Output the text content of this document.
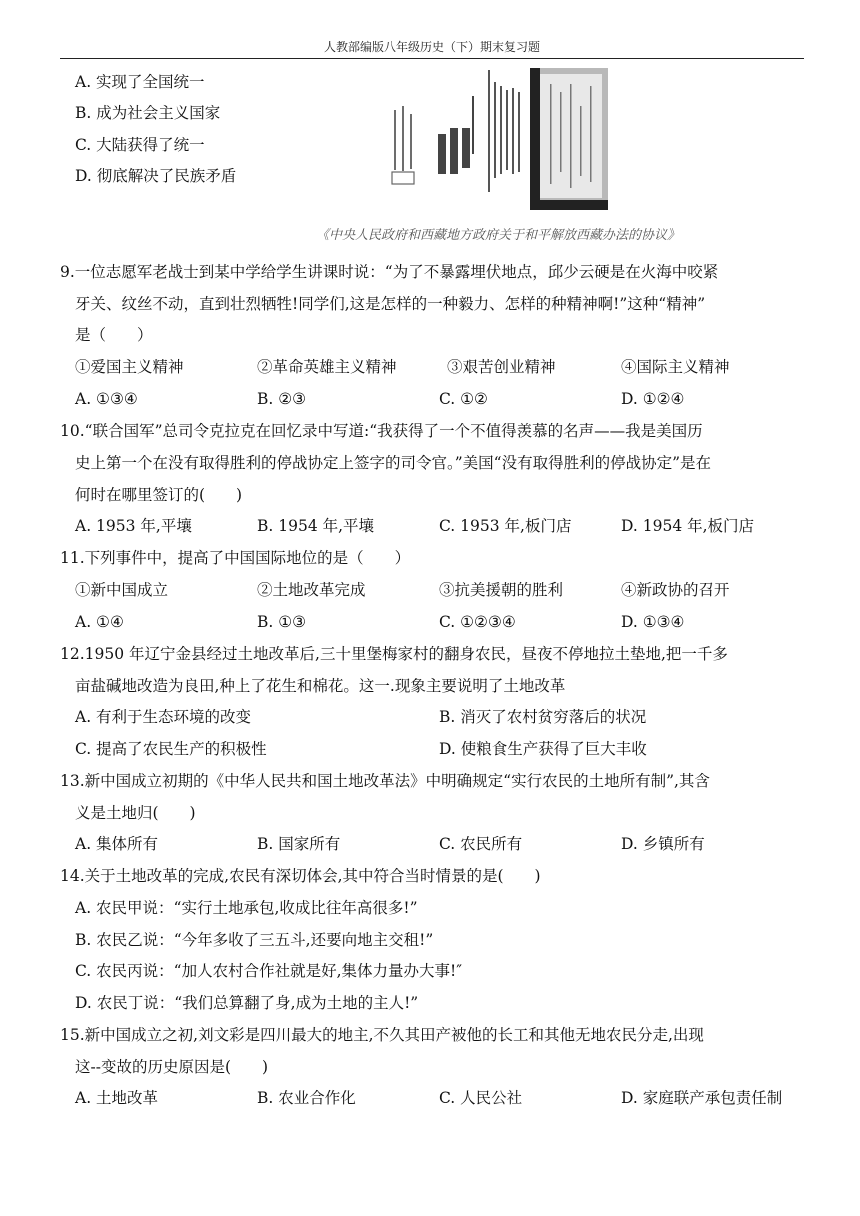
人教部编版八年级历史（下）期末复习题
A. 实现了全国统一
B. 成为社会主义国家
C. 大陆获得了统一
D. 彻底解决了民族矛盾
《中央人民政府和西藏地方政府关于和平解放西藏办法的协议》
9.一位志愿军老战士到某中学给学生讲课时说：“为了不暴露埋伏地点，邱少云硬是在火海中咬紧
牙关、纹丝不动，直到壮烈牺牲!同学们,这是怎样的一种毅力、怎样的种精神啊!”这种“精神”
是（　　）
①爱国主义精神	②革命英雄主义精神	③艰苦创业精神	④国际主义精神
A. ①③④	B. ②③	C. ①②	D. ①②④
10.“联合国军”总司令克拉克在回忆录中写道:“我获得了一个不值得羡慕的名声——我是美国历
史上第一个在没有取得胜利的停战协定上签字的司令官。”美国“没有取得胜利的停战协定”是在
何时在哪里签订的(　　)
A. 1953 年,平壤	B. 1954 年,平壤	C. 1953 年,板门店	D. 1954 年,板门店
11.下列事件中，提高了中国国际地位的是（　　）
①新中国成立	②土地改革完成	③抗美援朝的胜利	④新政协的召开
A. ①④	B. ①③	C. ①②③④	D. ①③④
12.1950 年辽宁金县经过土地改革后,三十里堡梅家村的翻身农民，昼夜不停地拉土垫地,把一千多
亩盐碱地改造为良田,种上了花生和棉花。这一.现象主要说明了土地改革
A. 有利于生态环境的改变	B. 消灭了农村贫穷落后的状况
C. 提高了农民生产的积极性	D. 使粮食生产获得了巨大丰收
13.新中国成立初期的《中华人民共和国土地改革法》中明确规定“实行农民的土地所有制”,其含
义是土地归(　　)
A. 集体所有	B. 国家所有	C. 农民所有	D. 乡镇所有
14.关于土地改革的完成,农民有深切体会,其中符合当时情景的是(　　)
A. 农民甲说：“实行土地承包,收成比往年高很多!”
B. 农民乙说：“今年多收了三五斗,还要向地主交租!”
C. 农民丙说：“加人农村合作社就是好,集体力量办大事!″
D. 农民丁说：“我们总算翻了身,成为土地的主人!”
15.新中国成立之初,刘文彩是四川最大的地主,不久其田产被他的长工和其他无地农民分走,出现
这--变故的历史原因是(　　)
A. 土地改革	B. 农业合作化	C. 人民公社	D. 家庭联产承包责任制
